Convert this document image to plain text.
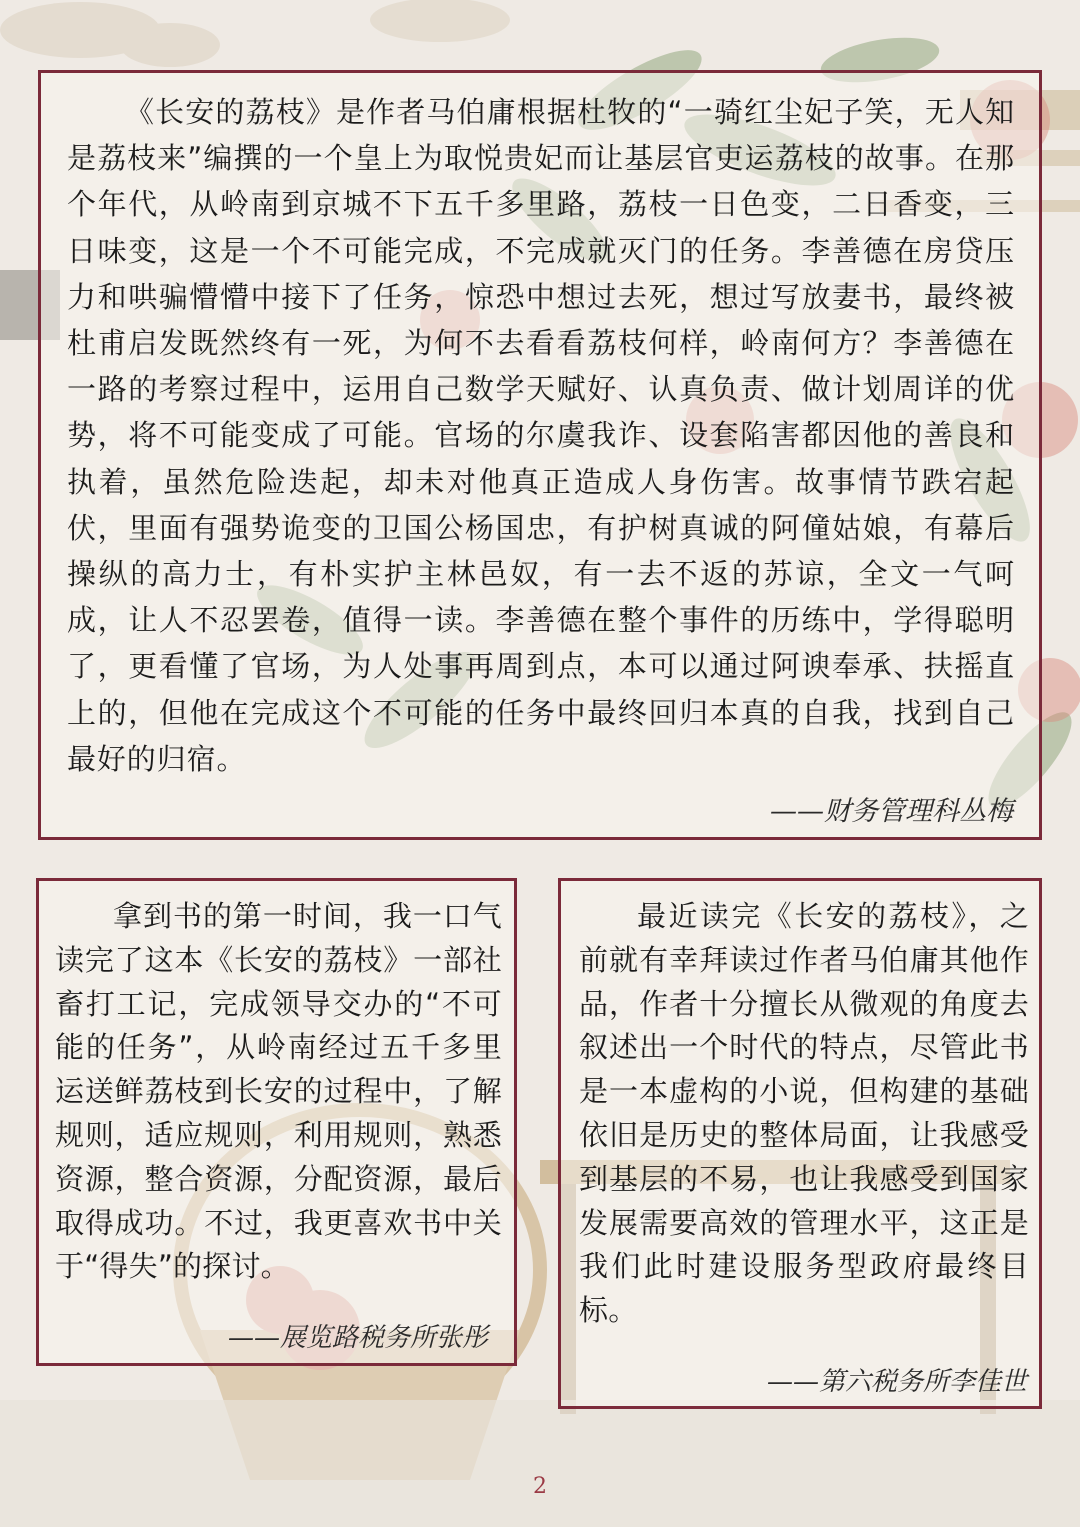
《长安的荔枝》是作者马伯庸根据杜牧的“一骑红尘妃子笑，无人知是荔枝来”编撰的一个皇上为取悦贵妃而让基层官吏运荔枝的故事。在那个年代，从岭南到京城不下五千多里路，荔枝一日色变，二日香变，三日味变，这是一个不可能完成，不完成就灭门的任务。李善德在房贷压力和哄骗懵懵中接下了任务，惊恐中想过去死，想过写放妻书，最终被杜甫启发既然终有一死，为何不去看看荔枝何样，岭南何方？李善德在一路的考察过程中，运用自己数学天赋好、认真负责、做计划周详的优势，将不可能变成了可能。官场的尔虞我诈、设套陷害都因他的善良和执着，虽然危险迭起，却未对他真正造成人身伤害。故事情节跌宕起伏，里面有强势诡变的卫国公杨国忠，有护树真诚的阿僮姑娘，有幕后操纵的高力士，有朴实护主林邑奴，有一去不返的苏谅，全文一气呵成，让人不忍罢卷，值得一读。李善德在整个事件的历练中，学得聪明了，更看懂了官场，为人处事再周到点，本可以通过阿谀奉承、扶摇直上的，但他在完成这个不可能的任务中最终回归本真的自我，找到自己最好的归宿。

——财务管理科丛梅

拿到书的第一时间，我一口气读完了这本《长安的荔枝》一部社畜打工记，完成领导交办的“不可能的任务”，从岭南经过五千多里运送鲜荔枝到长安的过程中，了解规则，适应规则，利用规则，熟悉资源，整合资源，分配资源，最后取得成功。不过，我更喜欢书中关于“得失”的探讨。

——展览路税务所张彤

最近读完《长安的荔枝》，之前就有幸拜读过作者马伯庸其他作品，作者十分擅长从微观的角度去叙述出一个时代的特点，尽管此书是一本虚构的小说，但构建的基础依旧是历史的整体局面，让我感受到基层的不易，也让我感受到国家发展需要高效的管理水平，这正是我们此时建设服务型政府最终目标。

——第六税务所李佳世
2
